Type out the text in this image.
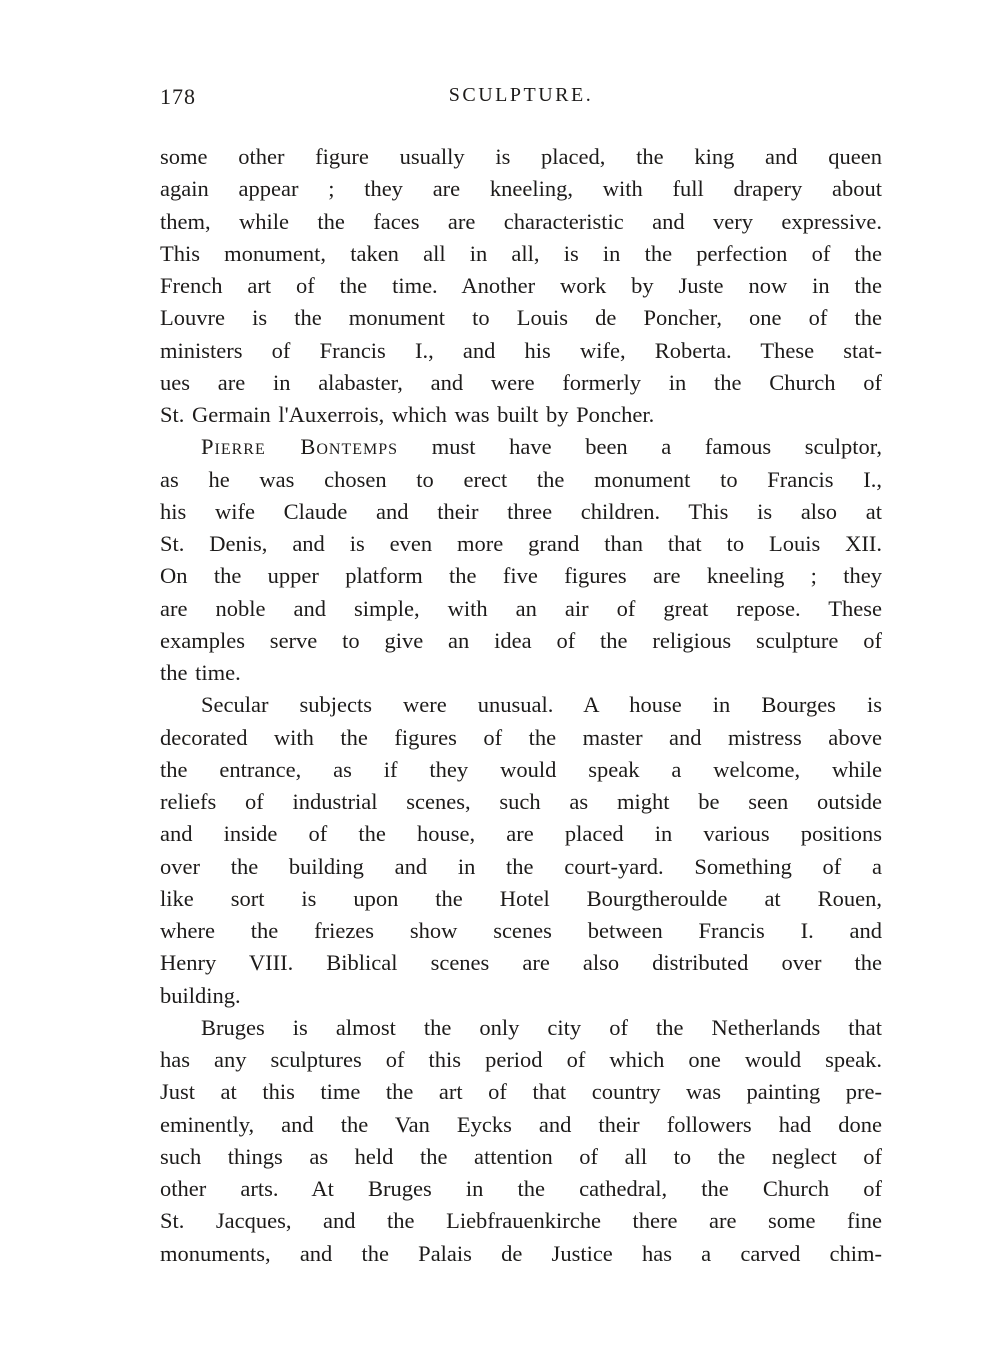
178	SCULPTURE.
some other figure usually is placed, the king and queen
again appear ; they are kneeling, with full drapery about
them, while the faces are characteristic and very expressive.
This monument, taken all in all, is in the perfection of the
French art of the time. Another work by Juste now in the
Louvre is the monument to Louis de Poncher, one of the
ministers of Francis I., and his wife, Roberta. These stat-
ues are in alabaster, and were formerly in the Church of
St. Germain l'Auxerrois, which was built by Poncher.
Pierre Bontemps must have been a famous sculptor,
as he was chosen to erect the monument to Francis I.,
his wife Claude and their three children. This is also at
St. Denis, and is even more grand than that to Louis XII.
On the upper platform the five figures are kneeling ; they
are noble and simple, with an air of great repose. These
examples serve to give an idea of the religious sculpture of
the time.
Secular subjects were unusual. A house in Bourges is
decorated with the figures of the master and mistress above
the entrance, as if they would speak a welcome, while
reliefs of industrial scenes, such as might be seen outside
and inside of the house, are placed in various positions
over the building and in the court-yard. Something of a
like sort is upon the Hotel Bourgtheroulde at Rouen,
where the friezes show scenes between Francis I. and
Henry VIII. Biblical scenes are also distributed over the
building.
Bruges is almost the only city of the Netherlands that
has any sculptures of this period of which one would speak.
Just at this time the art of that country was painting pre-
eminently, and the Van Eycks and their followers had done
such things as held the attention of all to the neglect of
other arts. At Bruges in the cathedral, the Church of
St. Jacques, and the Liebfrauenkirche there are some fine
monuments, and the Palais de Justice has a carved chim-
